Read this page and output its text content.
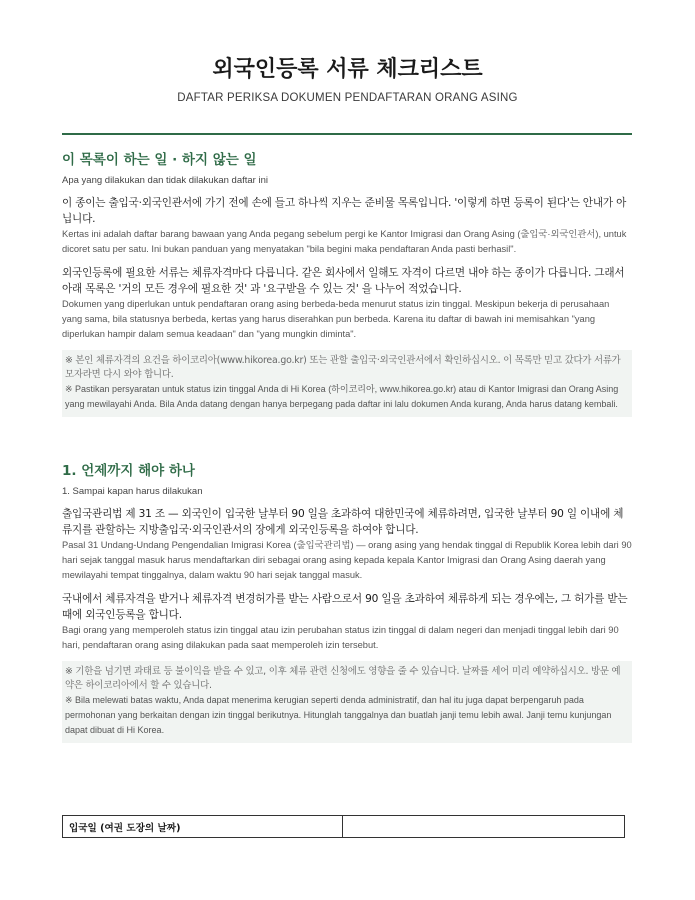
외국인등록 서류 체크리스트
DAFTAR PERIKSA DOKUMEN PENDAFTARAN ORANG ASING
이 목록이 하는 일 · 하지 않는 일
Apa yang dilakukan dan tidak dilakukan daftar ini
이 종이는 출입국·외국인관서에 가기 전에 손에 들고 하나씩 지우는 준비물 목록입니다. '이렇게 하면 등록이 된다'는 안내가 아닙니다.
Kertas ini adalah daftar barang bawaan yang Anda pegang sebelum pergi ke Kantor Imigrasi dan Orang Asing (출입국·외국인관서), untuk dicoret satu per satu. Ini bukan panduan yang menyatakan "bila begini maka pendaftaran Anda pasti berhasil".
외국인등록에 필요한 서류는 체류자격마다 다릅니다. 같은 회사에서 일해도 자격이 다르면 내야 하는 종이가 다릅니다. 그래서 아래 목록은 '거의 모든 경우에 필요한 것' 과 '요구받을 수 있는 것' 을 나누어 적었습니다.
Dokumen yang diperlukan untuk pendaftaran orang asing berbeda-beda menurut status izin tinggal. Meskipun bekerja di perusahaan yang sama, bila statusnya berbeda, kertas yang harus diserahkan pun berbeda. Karena itu daftar di bawah ini memisahkan "yang diperlukan hampir dalam semua keadaan" dan "yang mungkin diminta".
※ 본인 체류자격의 요건을 하이코리아(www.hikorea.go.kr) 또는 관할 출입국·외국인관서에서 확인하십시오. 이 목록만 믿고 갔다가 서류가 모자라면 다시 와야 합니다.
※ Pastikan persyaratan untuk status izin tinggal Anda di Hi Korea (하이코리아, www.hikorea.go.kr) atau di Kantor Imigrasi dan Orang Asing yang mewilayahi Anda. Bila Anda datang dengan hanya berpegang pada daftar ini lalu dokumen Anda kurang, Anda harus datang kembali.
1. 언제까지 해야 하나
1. Sampai kapan harus dilakukan
출입국관리법 제 31 조 — 외국인이 입국한 날부터 90 일을 초과하여 대한민국에 체류하려면, 입국한 날부터 90 일 이내에 체류지를 관할하는 지방출입국·외국인관서의 장에게 외국인등록을 하여야 합니다.
Pasal 31 Undang-Undang Pengendalian Imigrasi Korea (출입국관리법) — orang asing yang hendak tinggal di Republik Korea lebih dari 90 hari sejak tanggal masuk harus mendaftarkan diri sebagai orang asing kepada kepala Kantor Imigrasi dan Orang Asing daerah yang mewilayahi tempat tinggalnya, dalam waktu 90 hari sejak tanggal masuk.
국내에서 체류자격을 받거나 체류자격 변경허가를 받는 사람으로서 90 일을 초과하여 체류하게 되는 경우에는, 그 허가를 받는 때에 외국인등록을 합니다.
Bagi orang yang memperoleh status izin tinggal atau izin perubahan status izin tinggal di dalam negeri dan menjadi tinggal lebih dari 90 hari, pendaftaran orang asing dilakukan pada saat memperoleh izin tersebut.
※ 기한을 넘기면 과태료 등 불이익을 받을 수 있고, 이후 체류 관련 신청에도 영향을 줄 수 있습니다. 날짜를 세어 미리 예약하십시오. 방문 예약은 하이코리아에서 할 수 있습니다.
※ Bila melewati batas waktu, Anda dapat menerima kerugian seperti denda administratif, dan hal itu juga dapat berpengaruh pada permohonan yang berkaitan dengan izin tinggal berikutnya. Hitunglah tanggalnya dan buatlah janji temu lebih awal. Janji temu kunjungan dapat dibuat di Hi Korea.
입국일 (여권 도장의 날짜)	
